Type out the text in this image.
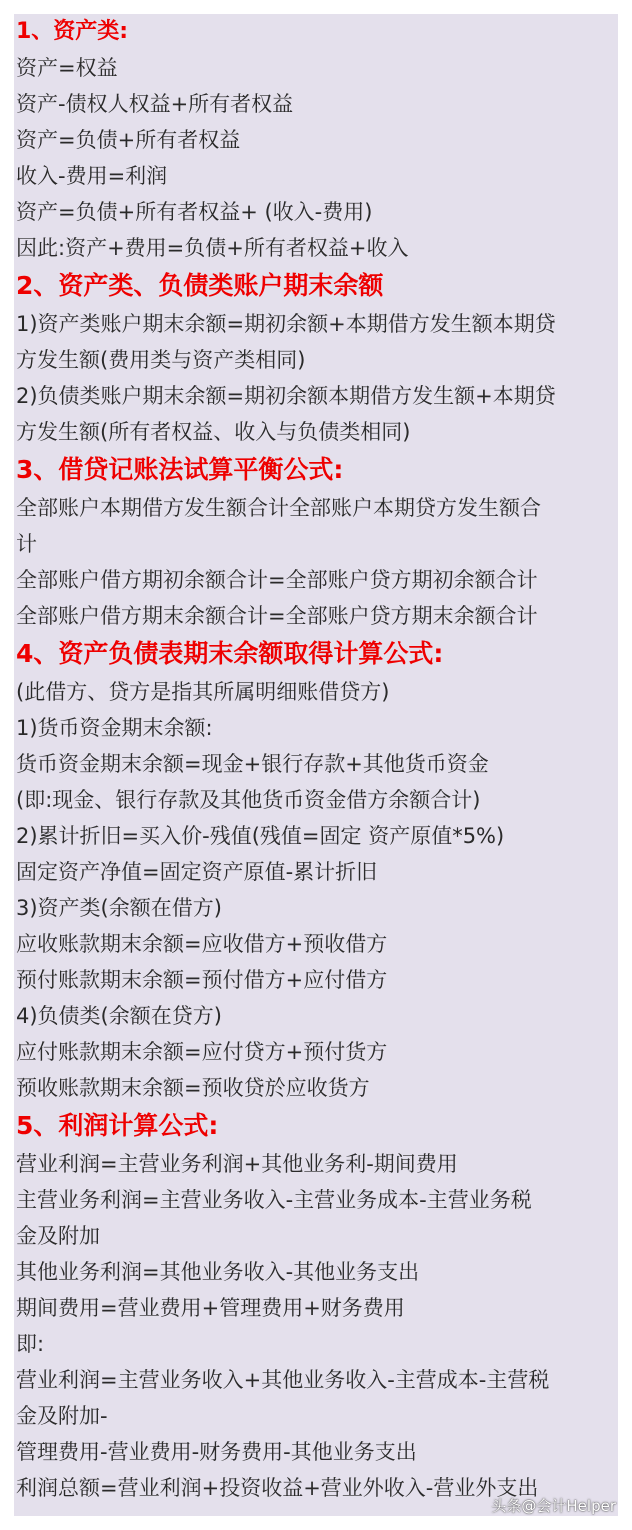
1、资产类:
资产=权益
资产-债权人权益+所有者权益
资产=负债+所有者权益
收入-费用=利润
资产=负债+所有者权益+ (收入-费用)
因此:资产+费用=负债+所有者权益+收入
2、资产类、负债类账户期末余额
1)资产类账户期末余额=期初余额+本期借方发生额本期贷
方发生额(费用类与资产类相同)
2)负债类账户期末余额=期初余额本期借方发生额+本期贷
方发生额(所有者权益、收入与负债类相同)
3、借贷记账法试算平衡公式:
全部账户本期借方发生额合计全部账户本期贷方发生额合
计
全部账户借方期初余额合计=全部账户贷方期初余额合计
全部账户借方期末余额合计=全部账户贷方期末余额合计
4、资产负债表期末余额取得计算公式:
(此借方、贷方是指其所属明细账借贷方)
1)货币资金期末余额:
货币资金期末余额=现金+银行存款+其他货币资金
(即:现金、银行存款及其他货币资金借方余额合计)
2)累计折旧=买入价-残值(残值=固定 资产原值*5%)
固定资产净值=固定资产原值-累计折旧
3)资产类(余额在借方)
应收账款期末余额=应收借方+预收借方
预付账款期末余额=预付借方+应付借方
4)负债类(余额在贷方)
应付账款期末余额=应付贷方+预付货方
预收账款期末余额=预收贷於应收货方
5、利润计算公式:
营业利润=主营业务利润+其他业务利-期间费用
主营业务利润=主营业务收入-主营业务成本-主营业务税
金及附加
其他业务利润=其他业务收入-其他业务支出
期间费用=营业费用+管理费用+财务费用
即:
营业利润=主营业务收入+其他业务收入-主营成本-主营税
金及附加-
管理费用-营业费用-财务费用-其他业务支出
利润总额=营业利润+投资收益+营业外收入-营业外支出
头条@会计Helper
